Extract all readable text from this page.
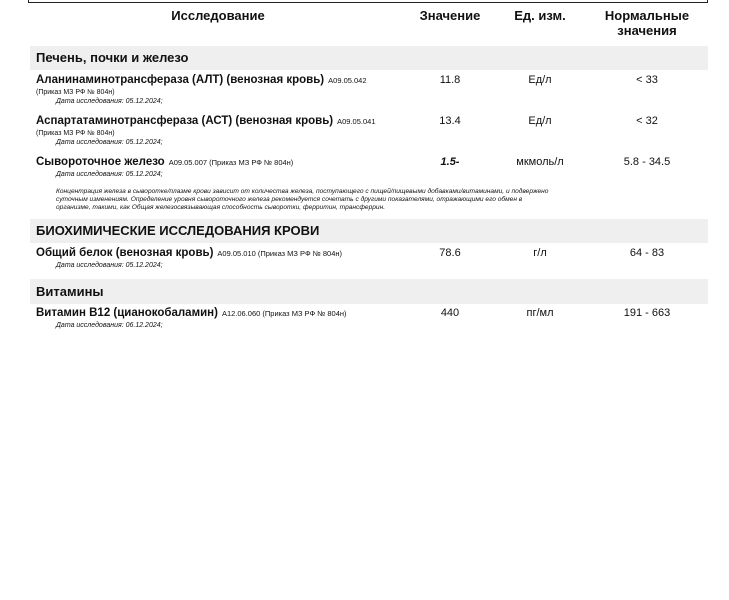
Исследование	Значение	Ед. изм.	Нормальные значения
Печень, почки и железо
Аланинаминотрансфераза (АЛТ) (венозная кровь) A09.05.042
(Приказ МЗ РФ № 804н)
Дата исследования: 05.12.2024;
11.8	Ед/л	< 33
Аспартатаминотрансфераза (АСТ) (венозная кровь) A09.05.041
(Приказ МЗ РФ № 804н)
Дата исследования: 05.12.2024;
13.4	Ед/л	< 32
Сывороточное железо A09.05.007 (Приказ МЗ РФ № 804н)
Дата исследования: 05.12.2024;
1.5-	мкмоль/л	5.8 - 34.5
Концентрация железа в сыворотке/плазме крови зависит от количества железа, поступающего с пищей/пищевыми добавками/витаминами, и подвержено
суточным изменениям. Определение уровня сывороточного железа рекомендуется сочетать с другими показателями, отражающими его обмен в
организме, такими, как Общая железосвязывающая способность сыворотки, ферритин, трансферрин.
БИОХИМИЧЕСКИЕ ИССЛЕДОВАНИЯ КРОВИ
Общий белок (венозная кровь) A09.05.010 (Приказ МЗ РФ № 804н)
Дата исследования: 05.12.2024;
78.6	г/л	64 - 83
Витамины
Витамин B12 (цианокобаламин) A12.06.060 (Приказ МЗ РФ № 804н)
Дата исследования: 06.12.2024;
440	пг/мл	191 - 663
